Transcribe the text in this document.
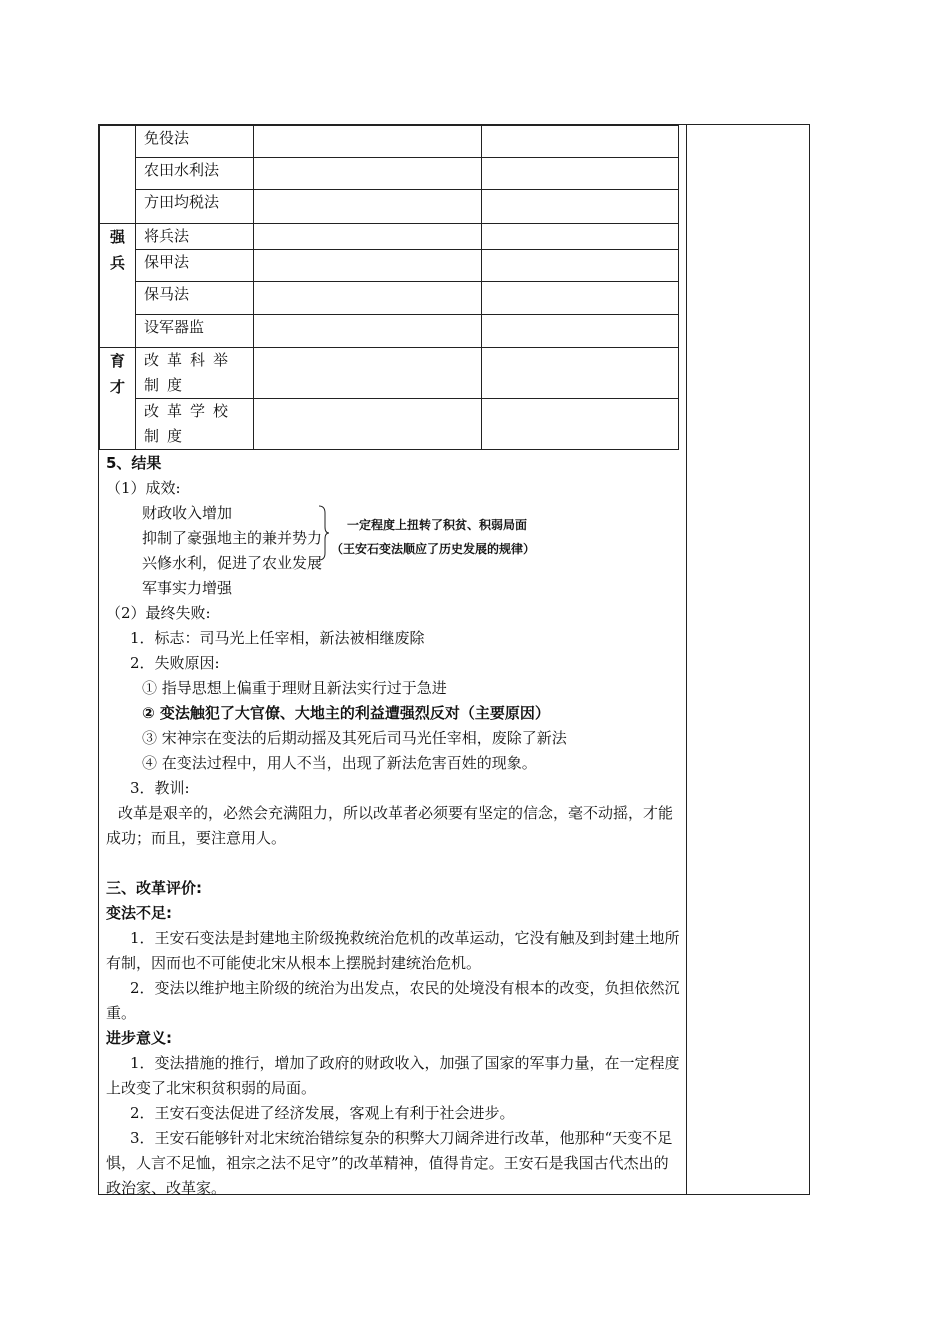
	免役法		
	农田水利法		
	方田均税法		

强
兵	将兵法		
	保甲法		
	保马法		
	设军器监		

育
才	改革科举制度		
	改革学校制度		
一定程度上扭转了积贫、积弱局面
（王安石变法顺应了历史发展的规律）

5、结果

（1）成效:

财政收入增加

抑制了豪强地主的兼并势力

兴修水利，促进了农业发展

军事实力增强

（2）最终失败:

1．标志：司马光上任宰相，新法被相继废除

2．失败原因:

① 指导思想上偏重于理财且新法实行过于急进

② 变法触犯了大官僚、大地主的利益遭强烈反对（主要原因）

③ 宋神宗在变法的后期动摇及其死后司马光任宰相，废除了新法

④ 在变法过程中，用人不当，出现了新法危害百姓的现象。

3．教训:

改革是艰辛的，必然会充满阻力，所以改革者必须要有坚定的信念，毫不动摇，才能成功；而且，要注意用人。

三、改革评价:

变法不足:

1．王安石变法是封建地主阶级挽救统治危机的改革运动，它没有触及到封建土地所有制，因而也不可能使北宋从根本上摆脱封建统治危机。

2．变法以维护地主阶级的统治为出发点，农民的处境没有根本的改变，负担依然沉重。

进步意义:

1．变法措施的推行，增加了政府的财政收入，加强了国家的军事力量，在一定程度上改变了北宋积贫积弱的局面。

2．王安石变法促进了经济发展，客观上有利于社会进步。

3．王安石能够针对北宋统治错综复杂的积弊大刀阔斧进行改革，他那种“天变不足惧，人言不足恤，祖宗之法不足守”的改革精神，值得肯定。王安石是我国古代杰出的政治家、改革家。
